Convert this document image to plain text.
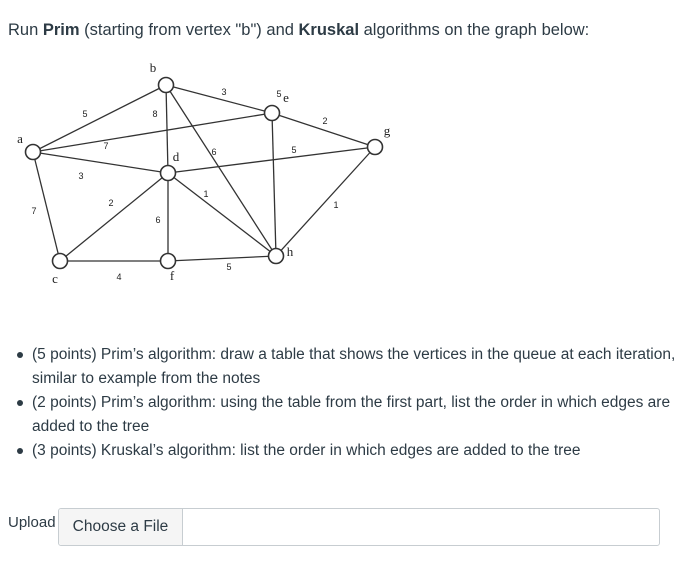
Run Prim (starting from vertex "b") and Kruskal algorithms on the graph below:
5
7
3
7
8
3
6
2
4
6
5
1
2
5
5
1
a
b
c
d
e
f
g
h
(5 points) Prim’s algorithm: draw a table that shows the vertices in the queue at each iteration,
similar to example from the notes
(2 points) Prim’s algorithm: using the table from the first part, list the order in which edges are
added to the tree
(3 points) Kruskal’s algorithm: list the order in which edges are added to the tree
Upload	Choose a File
